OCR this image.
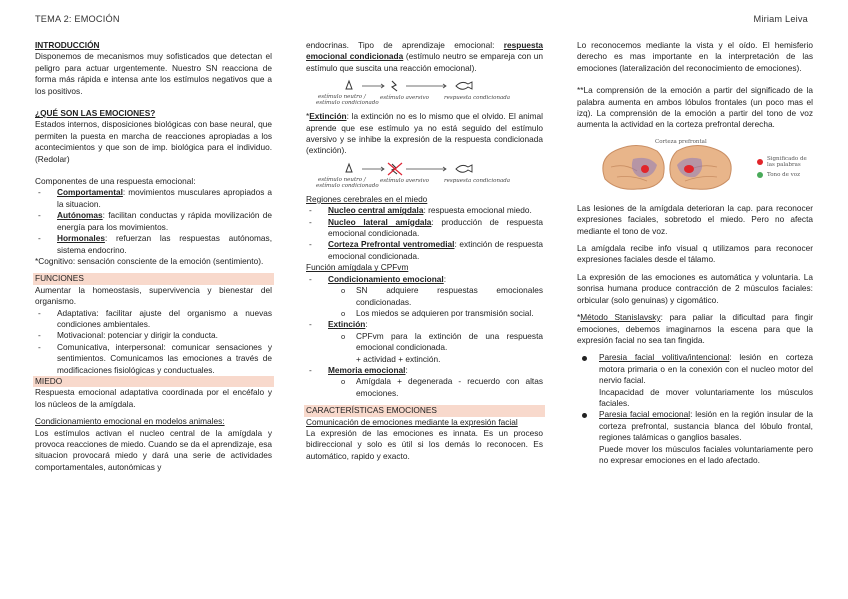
TEMA 2: EMOCIÓN	Miriam Leiva

INTRODUCCIÓN

Disponemos de mecanismos muy sofisticados que detectan el peligro para actuar urgentemente. Nuestro SN reacciona de forma más rápida e intensa ante los estímulos negativos que a los positivos.

¿QUÉ SON LAS EMOCIONES?

Estados internos, disposiciones biológicas con base neural, que permiten la puesta en marcha de reacciones apropiadas a los acontecimientos y que son de imp. biológica para el individuo. (Redolar)

Componentes de una respuesta emocional:

- Comportamental: movimientos musculares apropiados a la situacion.
- Autónomas: facilitan conductas y rápida movilización de energía para los movimientos.
- Hormonales: refuerzan las respuestas autónomas, sistema endocrino.

*Cognitivo: sensación consciente de la emoción (sentimiento).

FUNCIONES

Aumentar la homeostasis, supervivencia y bienestar del organismo.

- Adaptativa: facilitar ajuste del organismo a nuevas condiciones ambientales.
- Motivacional: potenciar y dirigir la conducta.
- Comunicativa, interpersonal: comunicar sensaciones y sentimientos. Comunicamos las emociones a través de modificaciones fisiológicas y conductuales.

MIEDO

Respuesta emocional adaptativa coordinada por el encéfalo y los núcleos de la amígdala.

Condicionamiento emocional en modelos animales:

Los estímulos activan el nucleo central de la amígdala y provoca reacciones de miedo. Cuando se da el aprendizaje, esa situacion provocará miedo y dará una serie de actividades comportamentales, autonómicas y

endocrinas. Tipo de aprendizaje emocional: respuesta emocional condicionada (estímulo neutro se empareja con un estímulo que suscita una reacción emocional).

estímulo neutro /
estímulo condicionado
estímulo aversivo	respuesta condicionada

*Extinción: la extinción no es lo mismo que el olvido. El animal aprende que ese estímulo ya no está seguido del estímulo aversivo y se inhibe la expresión de la respuesta condicionada (extinción).

estímulo neutro /
estímulo condicionado
estímulo aversivo	respuesta condicionada

Regiones cerebrales en el miedo

- Nucleo central amígdala: respuesta emocional miedo.
- Nucleo lateral amígdala: producción de respuesta emocional condicionada.
- Corteza Prefrontal ventromedial: extinción de respuesta emocional condicionada.

Función amígdala y CPFvm

- Condicionamiento emocional:
o SN adquiere respuestas emocionales condicionadas.
o Los miedos se adquieren por transmisión social.
- Extinción:
o CPFvm para la extinción de una respuesta emocional condicionada.
+ actividad + extinción.
- Memoria emocional:
o Amígdala + degenerada - recuerdo con altas emociones.

CARACTERÍSTICAS EMOCIONES

Comunicación de emociones mediante la expresión facial

La expresión de las emociones es innata. Es un proceso bidireccional y solo es útil si los demás lo reconocen. Es automático, rapido y exacto.

Lo reconocemos mediante la vista y el oído. El hemisferio derecho es mas importante en la interpretación de las emociones (lateralización del reconocimiento de emociones).

**La comprensión de la emoción a partir del significado de la palabra aumenta en ambos lóbulos frontales (un poco mas el izq). La comprensión de la emoción a partir del tono de voz aumenta la actividad en la corteza prefrontal derecha.

Corteza prefrontal
Significado de las palabras
Tono de voz

Las lesiones de la amígdala deterioran la cap. para reconocer expresiones faciales, sobretodo el miedo. Pero no afecta mediante el tono de voz.

La amígdala recibe info visual q utilizamos para reconocer expresiones faciales desde el tálamo.

La expresión de las emociones es automática y voluntaria. La sonrisa humana produce contracción de 2 músculos faciales: orbicular (solo genuinas) y cigomático.

*Método Stanislavsky: para paliar la dificultad para fingir emociones, debemos imaginarnos la escena para que la expresión facial no sea tan fingida.

Paresia facial volitiva/intencional: lesión en corteza motora primaria o en la conexión con el nucleo motor del nervio facial.
Incapacidad de mover voluntariamente los músculos faciales.
Paresia facial emocional: lesión en la región insular de la corteza prefrontal, sustancia blanca del lóbulo frontal, regiones talámicas o ganglios basales.
Puede mover los músculos faciales voluntariamente pero no expresar emociones en el lado afectado.
